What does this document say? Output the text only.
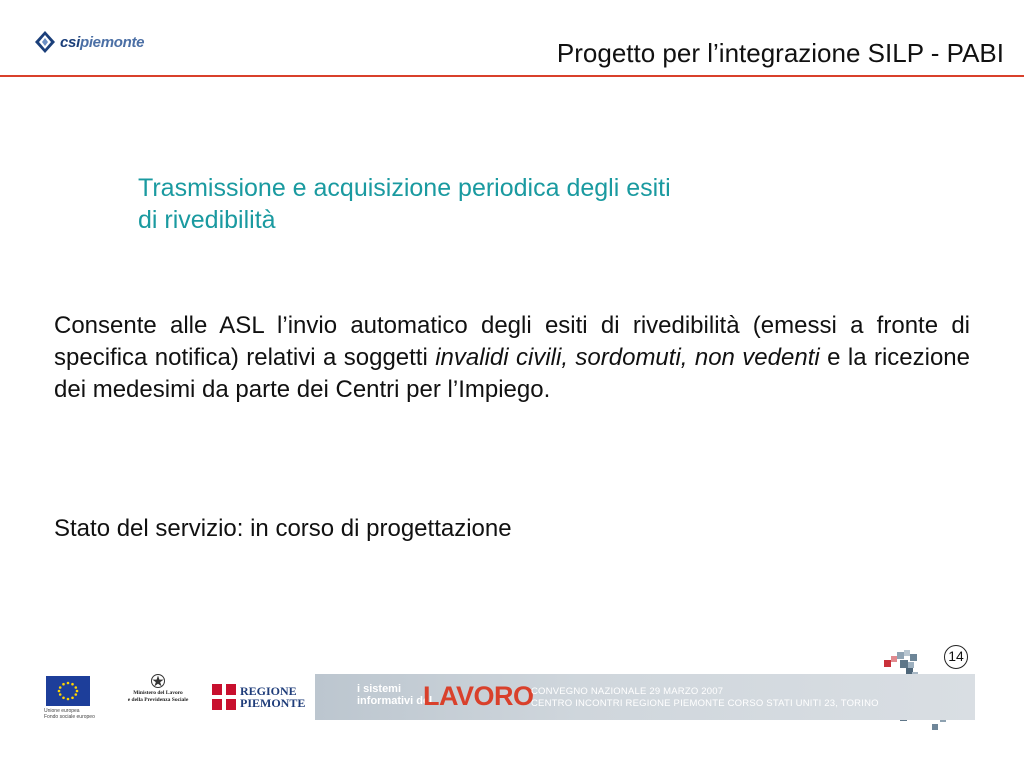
csipiemonte	Progetto per l’integrazione SILP - PABI
Trasmissione e acquisizione periodica degli esiti
di rivedibilità
Consente alle ASL l’invio automatico degli esiti di rivedibilità (emessi a fronte di specifica notifica) relativi a soggetti invalidi civili, sordomuti, non vedenti e la ricezione dei medesimi da parte dei Centri per l’Impiego.
Stato del servizio: in corso di progettazione
14
Unione europea
Fondo sociale europeo
Ministero del Lavoro
e della Previdenza Sociale
REGIONE
PIEMONTE
i sistemi
informativi del
LAVORO
CONVEGNO NAZIONALE 29 MARZO 2007
CENTRO INCONTRI REGIONE PIEMONTE CORSO STATI UNITI 23, TORINO
